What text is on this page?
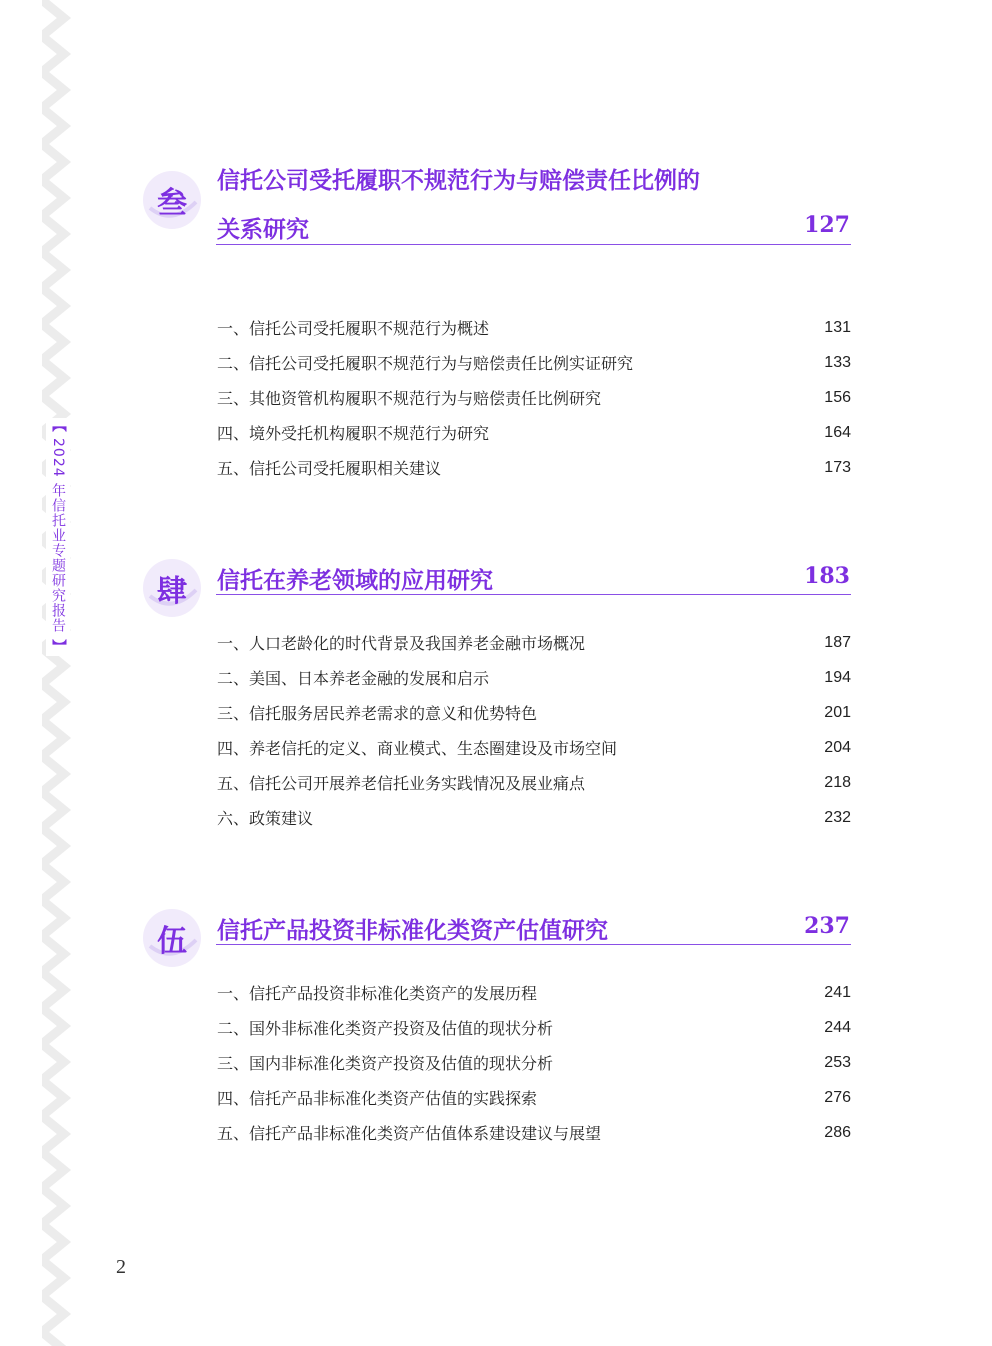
【
2024 年信托业专题研究报告
】
叁
信托公司受托履职不规范行为与赔偿责任比例的
关系研究	127
一、信托公司受托履职不规范行为概述	131
二、信托公司受托履职不规范行为与赔偿责任比例实证研究	133
三、其他资管机构履职不规范行为与赔偿责任比例研究	156
四、境外受托机构履职不规范行为研究	164
五、信托公司受托履职相关建议	173
肆	信托在养老领域的应用研究	183
一、人口老龄化的时代背景及我国养老金融市场概况	187
二、美国、日本养老金融的发展和启示	194
三、信托服务居民养老需求的意义和优势特色	201
四、养老信托的定义、商业模式、生态圈建设及市场空间	204
五、信托公司开展养老信托业务实践情况及展业痛点	218
六、政策建议	232
伍	信托产品投资非标准化类资产估值研究	237
一、信托产品投资非标准化类资产的发展历程	241
二、国外非标准化类资产投资及估值的现状分析	244
三、国内非标准化类资产投资及估值的现状分析	253
四、信托产品非标准化类资产估值的实践探索	276
五、信托产品非标准化类资产估值体系建设建议与展望	286
2
